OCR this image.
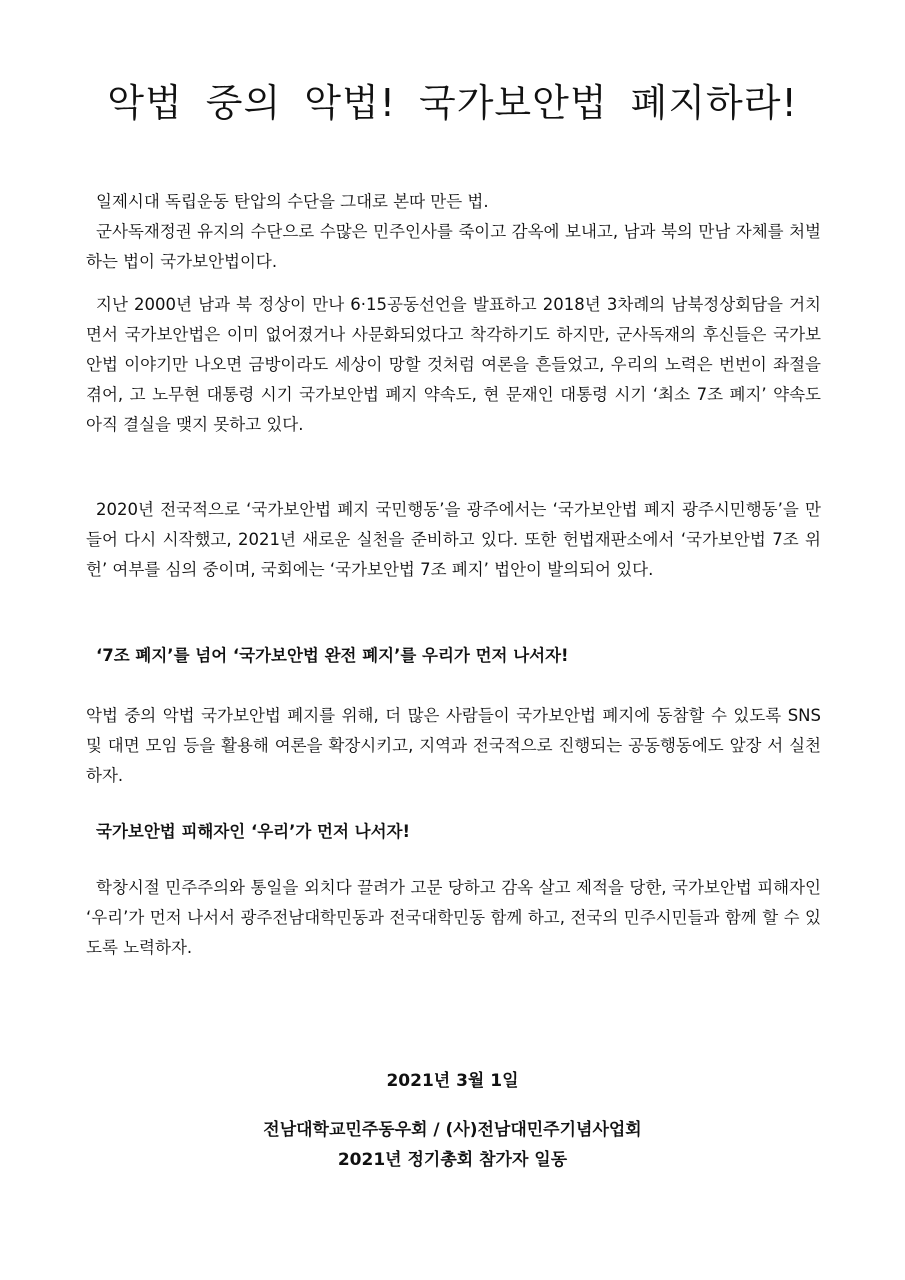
악법 중의 악법! 국가보안법 폐지하라!

일제시대 독립운동 탄압의 수단을 그대로 본따 만든 법.

군사독재정권 유지의 수단으로 수많은 민주인사를 죽이고 감옥에 보내고, 남과 북의 만남 자체를 처벌하는 법이 국가보안법이다.

지난 2000년 남과 북 정상이 만나 6·15공동선언을 발표하고 2018년 3차례의 남북정상회담을 거치면서 국가보안법은 이미 없어졌거나 사문화되었다고 착각하기도 하지만, 군사독재의 후신들은 국가보안법 이야기만 나오면 금방이라도 세상이 망할 것처럼 여론을 흔들었고, 우리의 노력은 번번이 좌절을 겪어, 고 노무현 대통령 시기 국가보안법 폐지 약속도, 현 문재인 대통령 시기 ‘최소 7조 폐지’ 약속도 아직 결실을 맺지 못하고 있다.

2020년 전국적으로 ‘국가보안법 폐지 국민행동’을 광주에서는 ‘국가보안법 폐지 광주시민행동’을 만들어 다시 시작했고, 2021년 새로운 실천을 준비하고 있다. 또한 헌법재판소에서 ‘국가보안법 7조 위헌’ 여부를 심의 중이며, 국회에는 ‘국가보안법 7조 폐지’ 법안이 발의되어 있다.

‘7조 폐지’를 넘어 ‘국가보안법 완전 폐지’를 우리가 먼저 나서자!

악법 중의 악법 국가보안법 폐지를 위해, 더 많은 사람들이 국가보안법 폐지에 동참할 수 있도록 SNS 및 대면 모임 등을 활용해 여론을 확장시키고, 지역과 전국적으로 진행되는 공동행동에도 앞장 서 실천하자.

국가보안법 피해자인 ‘우리’가 먼저 나서자!

학창시절 민주주의와 통일을 외치다 끌려가 고문 당하고 감옥 살고 제적을 당한, 국가보안법 피해자인 ‘우리’가 먼저 나서서 광주전남대학민동과 전국대학민동 함께 하고, 전국의 민주시민들과 함께 할 수 있도록 노력하자.

2021년 3월 1일
전남대학교민주동우회 / (사)전남대민주기념사업회
2021년 정기총회 참가자 일동
